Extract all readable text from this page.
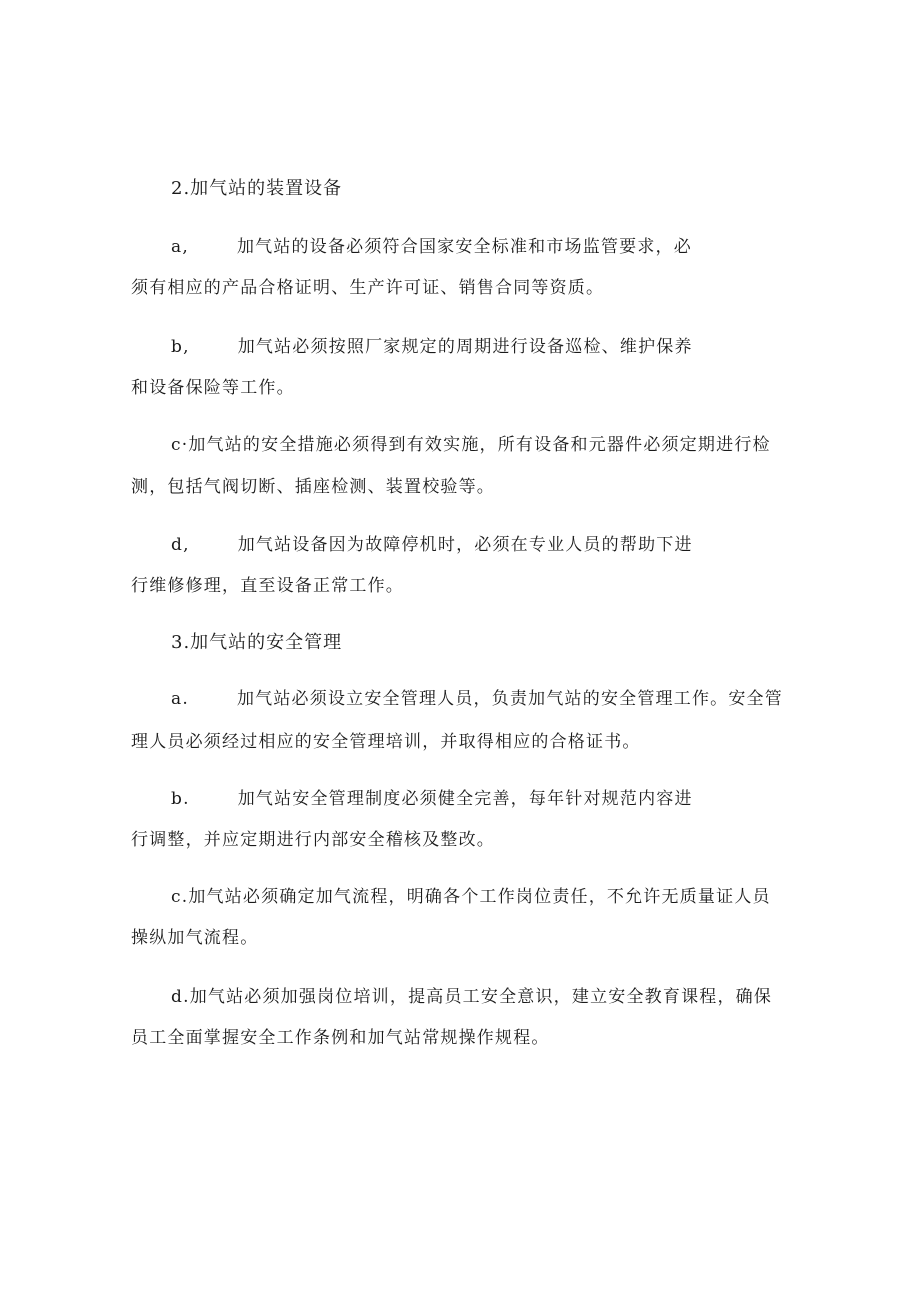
2.加气站的装置设备
a,	加气站的设备必须符合国家安全标准和市场监管要求，必
须有相应的产品合格证明、生产许可证、销售合同等资质。
b,	加气站必须按照厂家规定的周期进行设备巡检、维护保养
和设备保险等工作。
c·加气站的安全措施必须得到有效实施，所有设备和元器件必须定期进行检
测，包括气阀切断、插座检测、装置校验等。
d,	加气站设备因为故障停机时，必须在专业人员的帮助下进
行维修修理，直至设备正常工作。
3.加气站的安全管理
a.	加气站必须设立安全管理人员，负责加气站的安全管理工作。安全管
理人员必须经过相应的安全管理培训，并取得相应的合格证书。
b.	加气站安全管理制度必须健全完善，每年针对规范内容进
行调整，并应定期进行内部安全稽核及整改。
c.加气站必须确定加气流程，明确各个工作岗位责任，不允许无质量证人员
操纵加气流程。
d.加气站必须加强岗位培训，提高员工安全意识，建立安全教育课程，确保
员工全面掌握安全工作条例和加气站常规操作规程。
